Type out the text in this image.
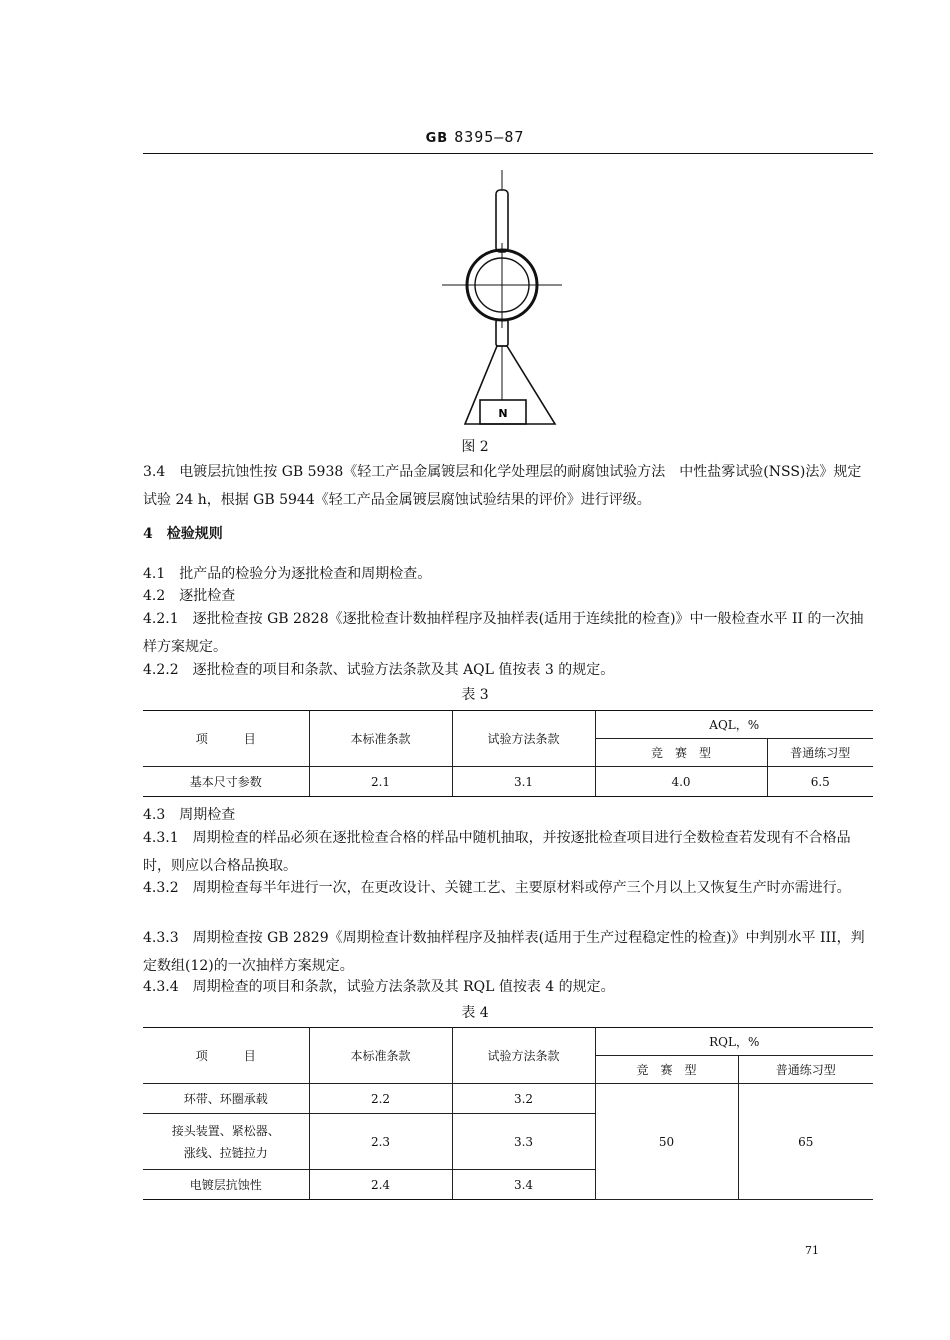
GB 8395—87
N
图 2

3.4　 电镀层抗蚀性按 GB 5938《轻工产品金属镀层和化学处理层的耐腐蚀试验方法　中性盐雾试验(NSS)法》规定试验 24 h，根据 GB 5944《轻工产品金属镀层腐蚀试验结果的评价》进行评级。

4　 检验规则

4.1　 批产品的检验分为逐批检查和周期检查。

4.2　 逐批检查

4.2.1　 逐批检查按 GB 2828《逐批检查计数抽样程序及抽样表(适用于连续批的检查)》中一般检查水平 II 的一次抽样方案规定。

4.2.2　 逐批检查的项目和条款、试验方法条款及其 AQL 值按表 3 的规定。

表 3
项　　　目	本标准条款	试验方法条款	AQL，%	
			竞　赛　型	普通练习型
基本尺寸参数	2.1	3.1	4.0	6.5

4.3　 周期检查

4.3.1　 周期检查的样品必须在逐批检查合格的样品中随机抽取，并按逐批检查项目进行全数检查若发现有不合格品时，则应以合格品换取。

4.3.2　 周期检查每半年进行一次，在更改设计、关键工艺、主要原材料或停产三个月以上又恢复生产时亦需进行。

4.3.3　 周期检查按 GB 2829《周期检查计数抽样程序及抽样表(适用于生产过程稳定性的检查)》中判别水平 III，判定数组(12)的一次抽样方案规定。

4.3.4　 周期检查的项目和条款，试验方法条款及其 RQL 值按表 4 的规定。

表 4
项　　　目	本标准条款	试验方法条款	RQL，%	
			竞　赛　型	普通练习型
环带、环圈承载	2.2	3.2	50	65
接头装置、紧松器、
涨线、拉链拉力	2.3	3.3		
电镀层抗蚀性	2.4	3.4		
71
